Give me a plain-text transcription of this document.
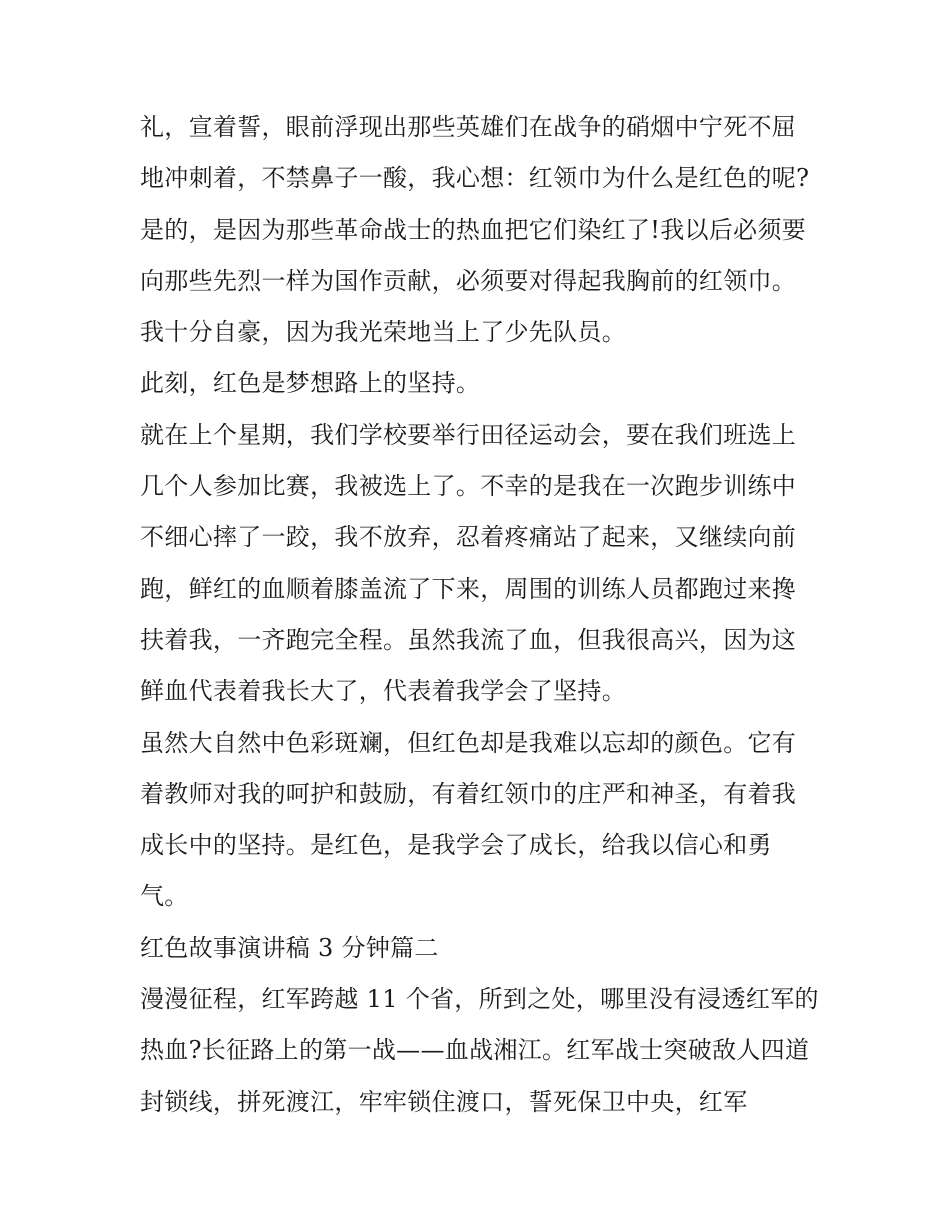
礼，宣着誓，眼前浮现出那些英雄们在战争的硝烟中宁死不屈地冲刺着，不禁鼻子一酸，我心想：红领巾为什么是红色的呢?是的，是因为那些革命战士的热血把它们染红了!我以后必须要向那些先烈一样为国作贡献，必须要对得起我胸前的红领巾。我十分自豪，因为我光荣地当上了少先队员。

此刻，红色是梦想路上的坚持。

就在上个星期，我们学校要举行田径运动会，要在我们班选上几个人参加比赛，我被选上了。不幸的是我在一次跑步训练中不细心摔了一跤，我不放弃，忍着疼痛站了起来，又继续向前跑，鲜红的血顺着膝盖流了下来，周围的训练人员都跑过来搀扶着我，一齐跑完全程。虽然我流了血，但我很高兴，因为这鲜血代表着我长大了，代表着我学会了坚持。

虽然大自然中色彩斑斓，但红色却是我难以忘却的颜色。它有着教师对我的呵护和鼓励，有着红领巾的庄严和神圣，有着我成长中的坚持。是红色，是我学会了成长，给我以信心和勇气。

红色故事演讲稿 3 分钟篇二

漫漫征程，红军跨越 11 个省，所到之处，哪里没有浸透红军的热血?长征路上的第一战——血战湘江。红军战士突破敌人四道封锁线，拼死渡江，牢牢锁住渡口，誓死保卫中央，红军
